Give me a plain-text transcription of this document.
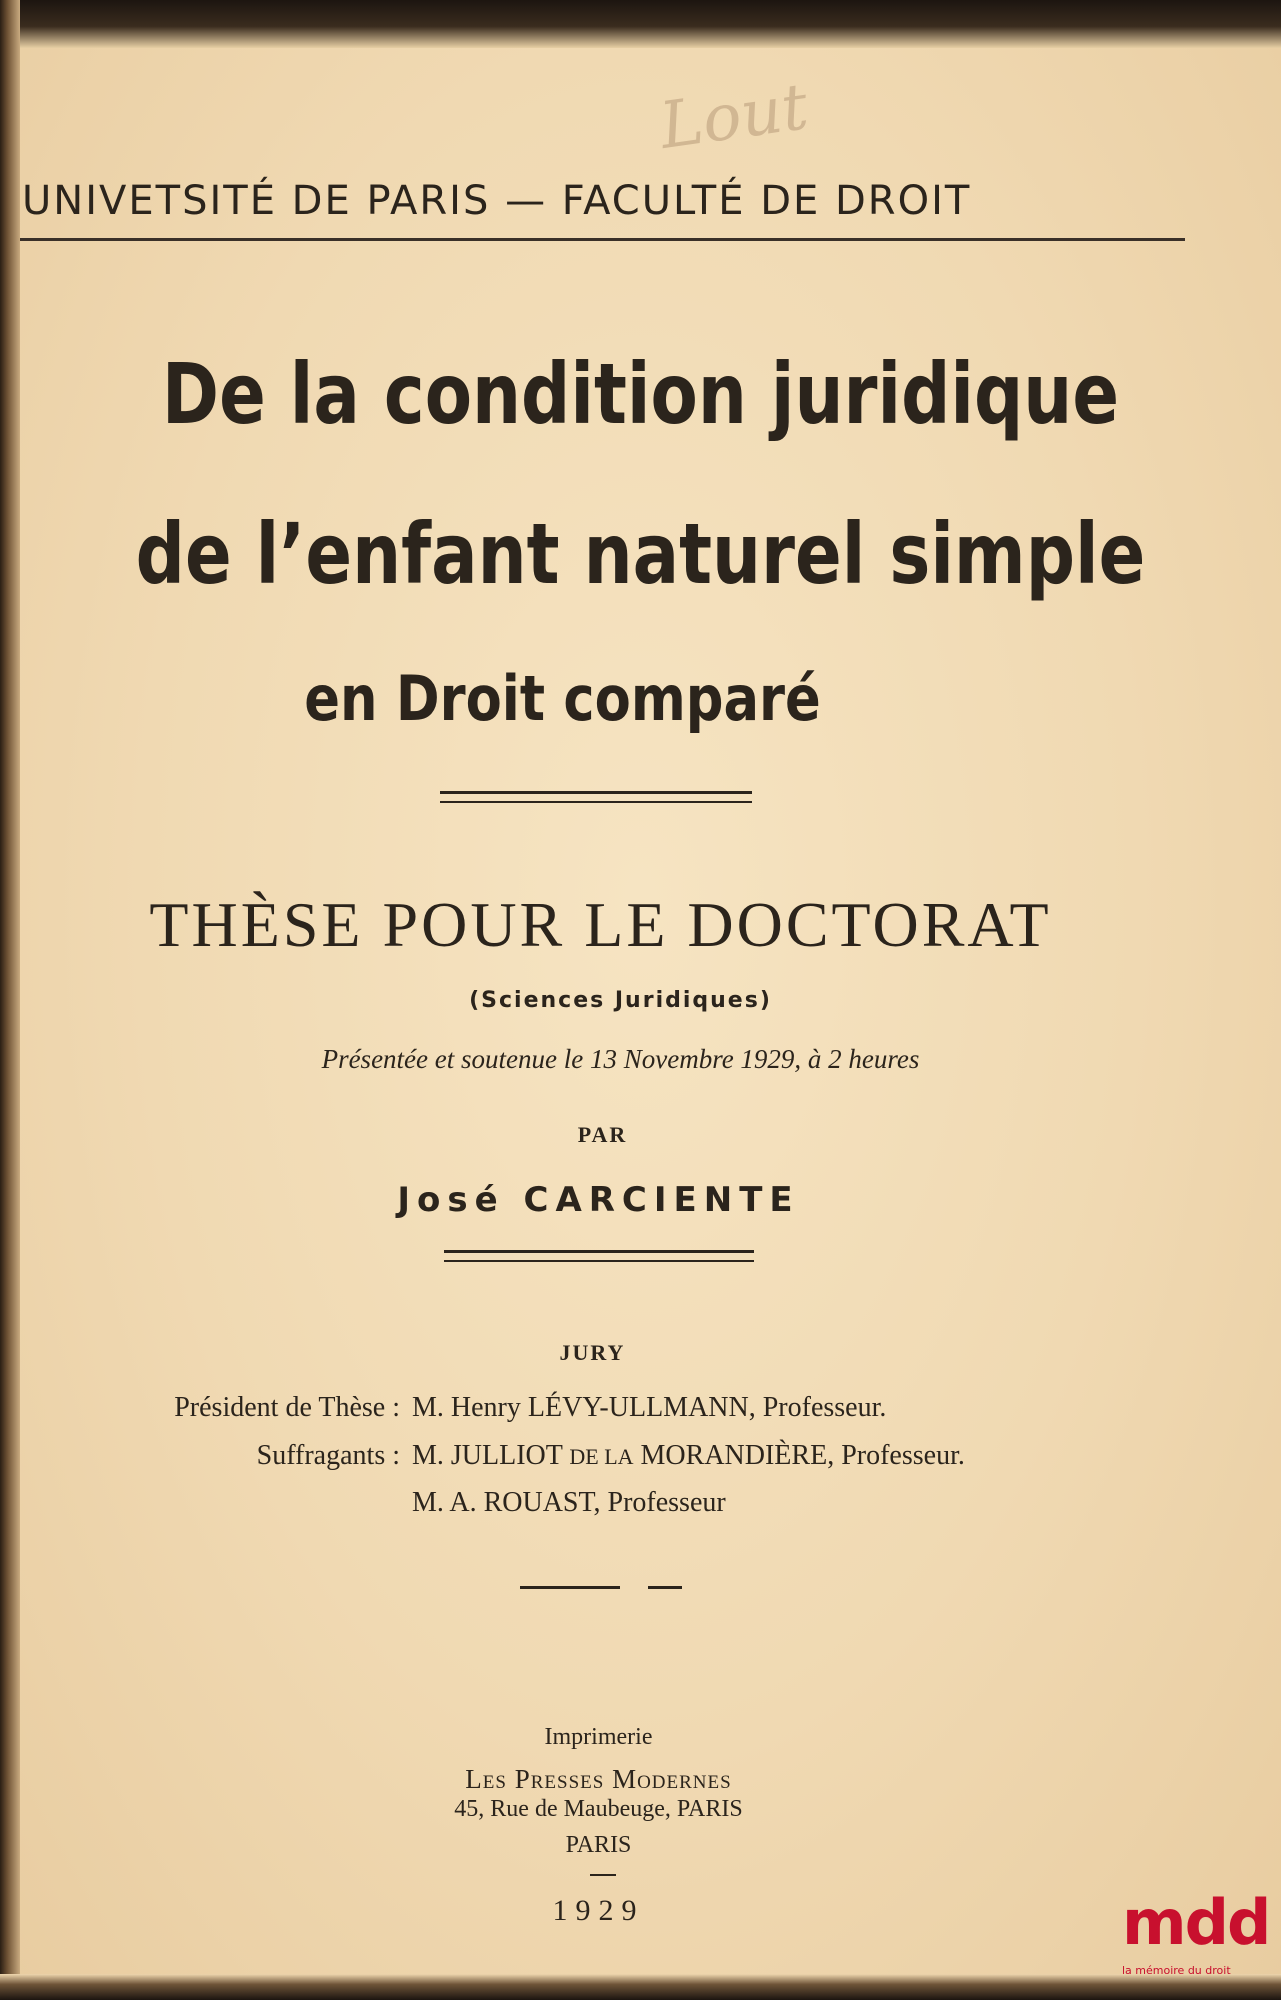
Lout
UNIVETSITÉ DE PARIS — FACULTÉ DE DROIT
De la condition juridique
de l’enfant naturel simple
en Droit comparé
THÈSE POUR LE DOCTORAT
(Sciences Juridiques)
Présentée et soutenue le 13 Novembre 1929, à 2 heures
PAR
José CARCIENTE
JURY
Président de Thèse : M. Henry LÉVY-ULLMANN, Professeur.
Suffragants : M. JULLIOT DE LA MORANDIÈRE, Professeur.
M. A. ROUAST, Professeur
Imprimerie
Les Presses Modernes
45, Rue de Maubeuge, PARIS
PARIS
1929	mdd
la mémoire du droit
